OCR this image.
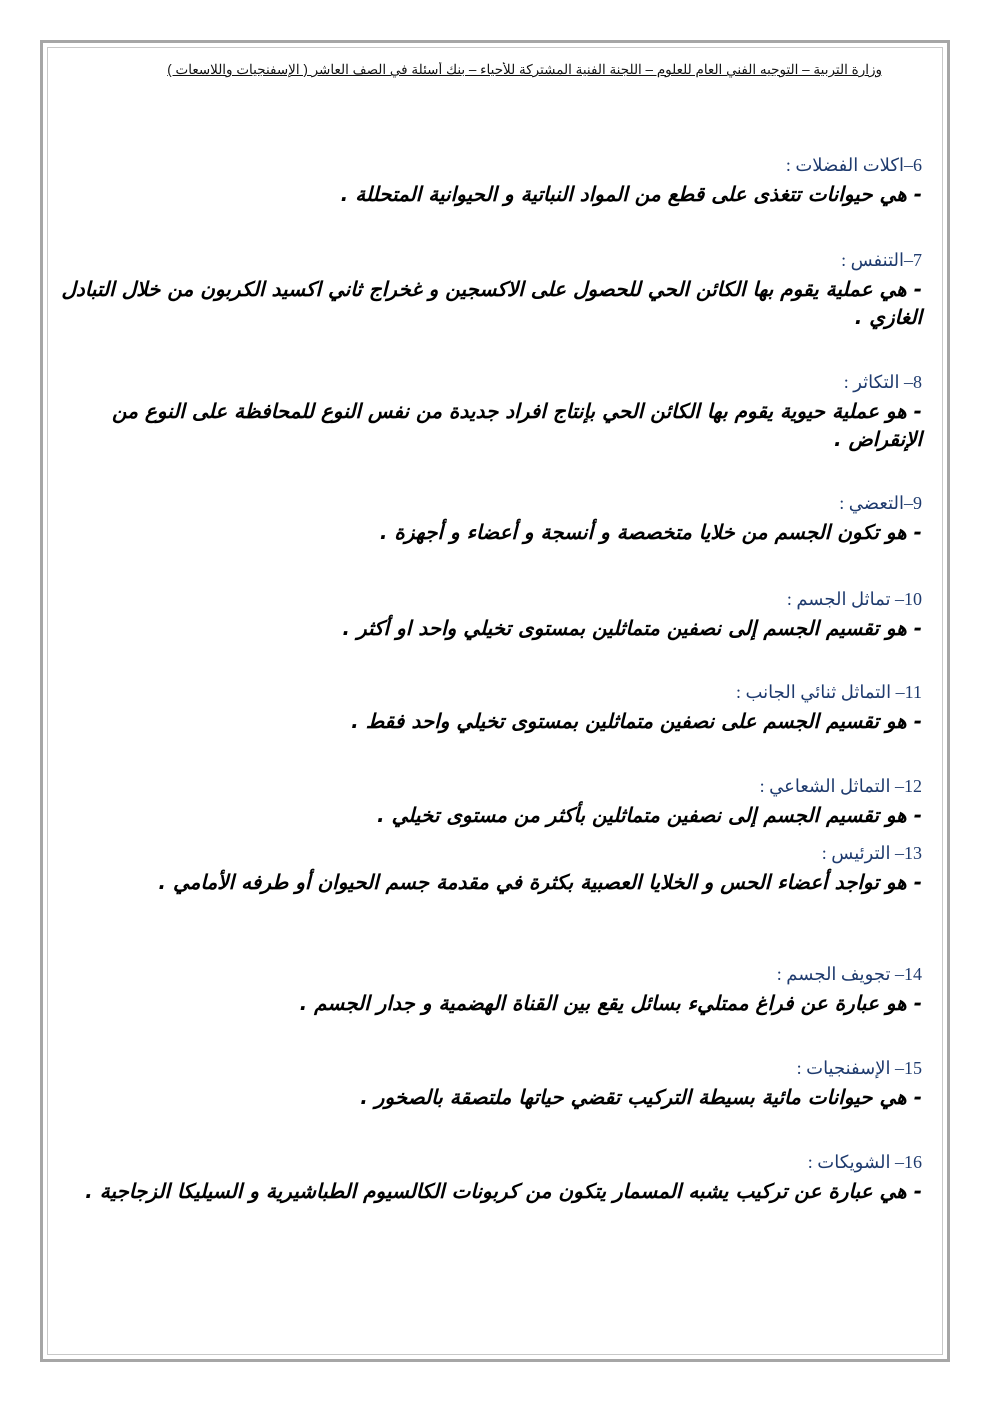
وزارة التربية – التوجيه الفني العام للعلوم – اللجنة الفنية المشتركة للأحياء – بنك أسئلة في الصف العاشر ( الإسفنجيات واللاسعات )
6–اكلات الفضلات :
- هي حيوانات تتغذى على قطع من المواد النباتية و الحيوانية المتحللة .
7–التنفس :
- هي عملية يقوم بها الكائن الحي للحصول على الاكسجين و غخراج ثاني اكسيد الكربون من خلال التبادل الغازي .
8– التكاثر :
- هو عملية حيوية يقوم بها الكائن الحي بإنتاج افراد جديدة من نفس النوع للمحافظة على النوع من الإنقراض .
9–التعضي :
- هو تكون الجسم من خلايا متخصصة و أنسجة و أعضاء و أجهزة .
10– تماثل الجسم :
- هو تقسيم الجسم إلى نصفين متماثلين بمستوى تخيلي واحد او أكثر .
11– التماثل ثنائي الجانب :
- هو تقسيم الجسم على نصفين متماثلين بمستوى تخيلي واحد فقط .
12– التماثل الشعاعي :
- هو تقسيم الجسم إلى نصفين متماثلين بأكثر من مستوى تخيلي .
13– الترئيس :
- هو تواجد أعضاء الحس و الخلايا العصبية بكثرة في مقدمة جسم الحيوان أو طرفه الأمامي .
14– تجويف الجسم :
- هو عبارة عن فراغ ممتليء بسائل يقع بين القناة الهضمية و جدار الجسم .
15– الإسفنجيات :
- هي حيوانات مائية بسيطة التركيب تقضي حياتها ملتصقة بالصخور .
16– الشويكات :
- هي عبارة عن تركيب يشبه المسمار يتكون من كربونات الكالسيوم الطباشيرية و السيليكا الزجاجية .
